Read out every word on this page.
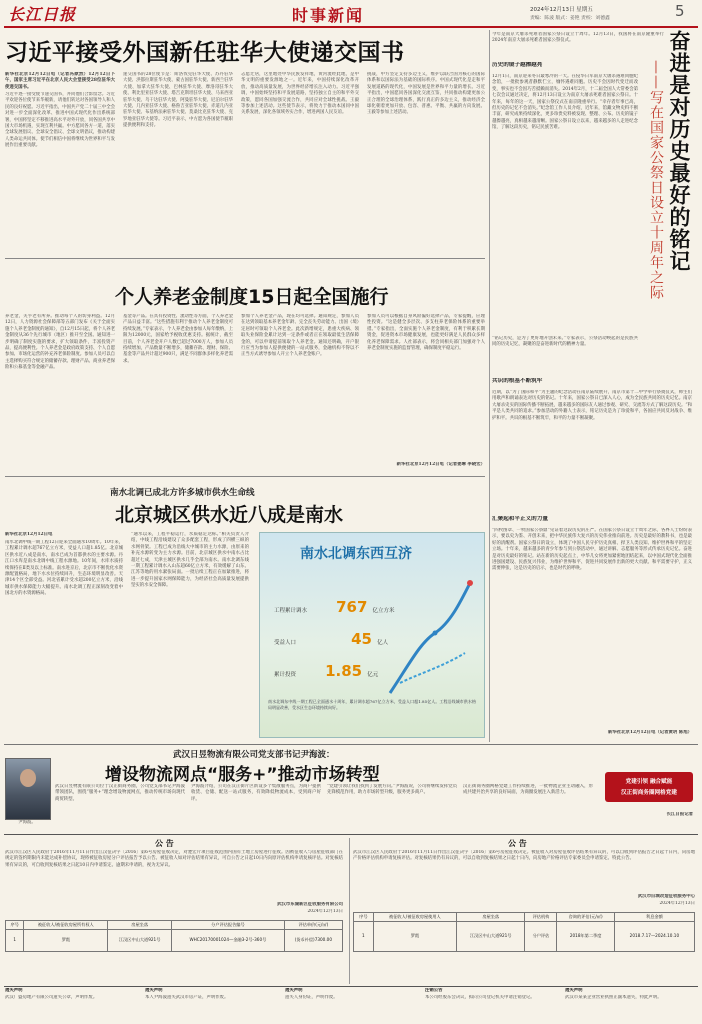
长江日报	时事新闻	2024年12月13日 星期五
责编：陈波 版式：姜艳 责校：刘德鑫	5
习近平接受外国新任驻华大使递交国书
新华社北京12月12日电（记者冯歆然）12月12日下午，国家主席习近平在北京人民大会堂接受28位驻华大使递交国书。
习近平逐一接受使节递交国书，并同他们合影留念。习近平欢迎各位使节来华履新，请他们转达对各国领导人和人民的良好祝愿。习近平指出，中国共产党二十届三中全会对进一步全面深化改革、推进中国式现代化作出系统部署，中国将坚定不移推进高水平对外开放，同各国共享中国大市场机遇，实现互利共赢。中方愿同各方一道，落实全球发展倡议、全球安全倡议、全球文明倡议，推动构建人类命运共同体。使节们相信中国将继续为世界和平与发展作出重要贡献。
递交国书的28位使节是：斯洛伐克驻华大使、苏丹驻华大使、洪都拉斯驻华大使、蒙古国驻华大使、新西兰驻华大使、加拿大驻华大使、巴林驻华大使、摩洛哥驻华大使、利比里亚驻华大使、塔吉克斯坦驻华大使、马来西亚驻华大使、乌干达驻华大使、阿曼驻华大使、尼泊尔驻华大使、几内亚驻华大使、格鲁吉亚驻华大使、赤道几内亚驻华大使、布基纳法索驻华大使、莫桑比克驻华大使、克罗地亚驻华大使等。习近平表示，中方愿为各国使节履职提供便利和支持。
志愿迁居，这里地处中华民族发祥地，黄河流经此地，是中华文明的重要发源地之一。近年来，中国持续深化改革开放，推动高质量发展，为世界经济增长注入动力。习近平强调，中国始终坚持和平发展道路，坚持独立自主的和平外交政策，愿同各国加强交流合作，共同应对全球性挑战。王毅等参加上述活动。这些使节表示，将致力于推动本国同中国关系发展，深化各领域务实合作，增进两国人民友谊。
挑战，中方坚定支持多边主义，维护以联合国为核心的国际体系和以国际法为基础的国际秩序。中国式现代化是走和平发展道路的现代化，中国发展是世界和平力量的增长。习近平指出，中国愿同各国深化交流互鉴，共同推动构建更加公正合理的全球治理体系，践行真正的多边主义，推动经济全球化朝着更加开放、包容、普惠、平衡、共赢的方向发展。王毅等参加上述活动。
个人养老金制度15日起全国施行
养老金，关乎老有所养。推动每个人的切身利益。12月12日，人力资源社会保障部等五部门发布《关于全面实施个人养老金制度的通知》，自12月15日起，将个人养老金制度从36个先行城市（地区）推开至全国。通知进一步明确了制度实施的要求，扩大领取条件，丰富投资产品，提高便利性。个人养老金是政府政策支持、个人自愿参加、市场化运营的补充养老保险制度。参加人员可以自主选择购买符合规定的储蓄存款、理财产品、商业养老保险和公募基金等金融产品。
基金等产品。在具有投资性、流动性等方面，个人养老金产品日益丰富。“这些措施有利于推动个人养老金制度可持续发展。”专家表示，个人养老金由参加人每年缴纳，上限为12000元，国家给予税收优惠支持。据统计，截至目前，个人养老金开户人数已超过7000万人，参加人员持续增加，产品数量不断增多，储蓄存款、理财、保险、基金等产品共计超过900只，满足不同群体多样化养老需求。
参加个人养老金产品，现在均可选择。通知规定，参加人员在达到领取基本养老金年龄、完全丧失劳动能力、出国（境）定居时可领取个人养老金。此次新增规定，患重大疾病、领取失业保险金累计达到一定条件或者正在领取最低生活保障金的，可以申请提前领取个人养老金。通知还明确，开户银行应当为参加人提供便捷的一站式服务，金融机构不得以不正当方式诱导参加人开立个人养老金账户。
参加人员可以根据自身风险偏好选择产品，专家提醒，应理性投资。“这是健全多层次、多支柱养老保险体系的重要举措。”专家指出，全面实施个人养老金制度，有利于积累长期资金，促进资本市场健康发展，也能更好满足人民群众多样化养老保障需求。人社部表示，将会同相关部门加强对个人养老金制度实施的监督管理，确保制度平稳运行。
新华社北京12月12日电（记者姜琳 李晓宏）
南水北调已成北方许多城市供水生命线
北京城区供水近八成是南水
新华社北京12月12日电
南水北调中线一期工程12日迎来全面通水10周年。10年来，工程累计调水超767亿立方米，受益人口超1.85亿。北京城区供水近八成是南水，南水已成为首都供水的主要水源。丹江口水库是南水北调中线工程水源地。10年间，水库水质持续保持在Ⅱ类及以上标准。南水进京后，北京市不断优化水资源配置格局，地下水水位持续回升，生态环境明显改善。天津14个区全部受益。河北省累计受水超200亿立方米，沿线城市供水保障能力大幅提升。南水北调工程正深刻改变着中国北方的水资源格局。
“通水以来，工程平稳运行，水质稳定达标。”相关负责人介绍，中线工程沿线建设了众多配套工程，形成了四横三纵的水网骨架。工程已成为沿线大中城市的主力水源，由原来的补充水源转变为主力水源。目前，北京城区供水中南水占比超过七成，天津主城区供水几乎全部为南水。南水北调东线一期工程累计调水入山东超60亿立方米，有效缓解了山东、江苏等地的用水紧张局面。一批后续工程正在加紧推进，将进一步提升国家水网保障能力，为经济社会高质量发展提供坚实的水安全保障。
南水北调东西互济
工程累计调水 767 亿立方米
受益人口	45 亿人
累计投资 1.85 亿元
南水北调东中线一期工程已全面通水十周年，累计调水超767亿立方米，受益人口超1.85亿人。工程沿线城市供水格局明显改善，受水区生态环境持续向好。
今年是南京大屠杀死难者国家公祭日设立十周年。12月13日，我国将在南京隆重举行2024年南京大屠杀死难者国家公祭仪式。	奋进是对历史最好的铭记
——写在国家公祭日设立十周年之际
历史的镜子越擦越亮
12月1日，南京迎来冬日最寒冷的一天。在侵华日军南京大屠杀遇难同胞纪念馆，一批批参观者静默伫立，缅怀遇难同胞。历史不会因时代变迁而改变，事实也不会因巧舌抵赖而消失。2014年2月，十二届全国人大常委会第七次会议通过决定，将12月13日设立为南京大屠杀死难者国家公祭日。十年来，每年的这一天，国家公祭仪式在南京隆重举行。“幸存者年事已高，但历史的记忆不会消失。”纪念馆工作人员介绍，近年来，馆藏文物史料不断丰富，研究成果持续深化，更多珍贵史料被发现、整理、公布。历史的镜子越擦越亮，真相越来越清晰。国家公祭日设立以来，越来越多的人走进纪念馆，了解这段历史，铭记民族苦难。
“铭记历史，是为了更好地开创未来。”专家表示，公祭活动唤起的是民族共同的历史记忆，凝聚的是奋进新时代的精神力量。
共识的根基不断筑牢
近期，以“为了国际和平”为主题的纪念活动在南京陆续展开，南京市第十二中学举行祭奠仪式，师生们用歌声和朗诵表达对历史的铭记。十年来，国家公祭日已深入人心，成为全民族共同的历史记忆。南京大屠杀史实的国际传播不断拓展，越来越多的国际友人通过参观、研究、交流等方式了解这段历史。“和平是人类共同的追求。”参加活动的外籍人士表示，铭记历史是为了珍爱和平，各国应共同反对战争、维护和平。共识的根基不断筑牢，和平的力量不断凝聚。
汇聚起和平正义的力量
“四枚图章、一枚国家公祭鼎”见证着这段历史的庄严。在国家公祭日设立十周年之际，各界人士纷纷表示，要以史为鉴、开创未来，把中华民族伟大复兴的历史伟业推向前进。历史是最好的教科书，也是最好的清醒剂。国家公祭日的设立，体现了中国人民守护历史真相、捍卫人类良知、维护世界和平的坚定立场。十年来，越来越多的青少年参与到公祭活动中，通过讲解、志愿服务等形式传承历史记忆。奋进是对历史最好的铭记。站在新的历史起点上，中华儿女将更加紧密地团结起来，以中国式现代化全面推进强国建设、民族复兴伟业，为维护世界和平、促进共同发展作出新的更大贡献。和平需要守护，正义需要伸张，这是历史的启示，也是时代的呼唤。
新华社北京12月12日电（记者黄玥 陈旭）
尹海波。
武汉日昱物流有限公司党支部书记尹海波：
增设物流网点“服务+”推动市场转型
武汉日昱物流有限公司位于汉正街商务圈，公司党支部书记尹海波带领团队，围绕“服务+”理念增设物流网点，推动传统市场向现代商贸转型。
尹海波介绍，公司在汉正街片区新设多个集散服务点，为商户提供收货、仓储、配送一站式服务，有效降低物流成本，受到商户好评。
“党建引领让我们找到了发展方向。”尹海波说，公司将继续发挥党员先锋模范作用，助力市场转型升级，服务更多商户。
汉正街商务圈网格党建工作持续推进，一批物流企业主动融入，形成共建共治共享的良好局面，为商圈发展注入新活力。
党建引领 融合赋能
汉正街商务圈网格党建
长江日报记者
公 告
武汉市江汉区人民政府于2016年11月11日作出江汉征决字〔2016〕第6号房屋征收决定，对楚宏片项目征收范围内国有土地上房屋进行征收。因被征收人与房屋征收部门在规定的签约期限内未能达成补偿协议，现将被征收房屋分户评估报告予以公告。被征收人如对评估结果有异议，可自公告之日起10日内向原评估机构申请复核评估。对复核结果有异议的，可自收到复核结果之日起10日内申请鉴定。逾期未申请的，视为无异议。
武汉市东湖新区征收服务有限公司
2024年12月13日
序号	被征收人/被征收房屋所有权人	房屋坐落	分户评估报告编号	评估单价(元/㎡)
1	罗霞	江汉区中山大道921号	WHC20170001024—金融3-2号-360号	(货币补偿)7300.00
公 告
武汉市江汉区人民政府于2016年11月11日作出江汉征决字〔2016〕第6号房屋征收决定。被征收人对房屋征收评估结果有异议的，可以自收到评估报告之日起十日内，向房地产价格评估机构申请复核评估。对复核结果仍有异议的，可以自收到复核结果之日起十日内，向房地产价格评估专家委员会申请鉴定。特此公告。
武汉市旧城改造征收服务中心
2024年12月13日
序号	被征收人/被征收房屋使用人	房屋坐落	评估机构	咨询的评估(元/㎡)	利息金额
1	罗霞	江汉区中山大道921号	分户评估	2018年第二季度	2018.7.17—2024.10.10
遗失声明
武汉广盛房地产有限公司遗失公章，声明作废。
遗失声明
本人尹海波遗失武汉市房产证，声明作废。
遗失声明
遗失人身份证，声明作废。
注销公告
本公司经股东会决议，拟向公司登记机关申请注销登记。
遗失声明
武汉市某某企业营业执照正副本遗失，特此声明。
